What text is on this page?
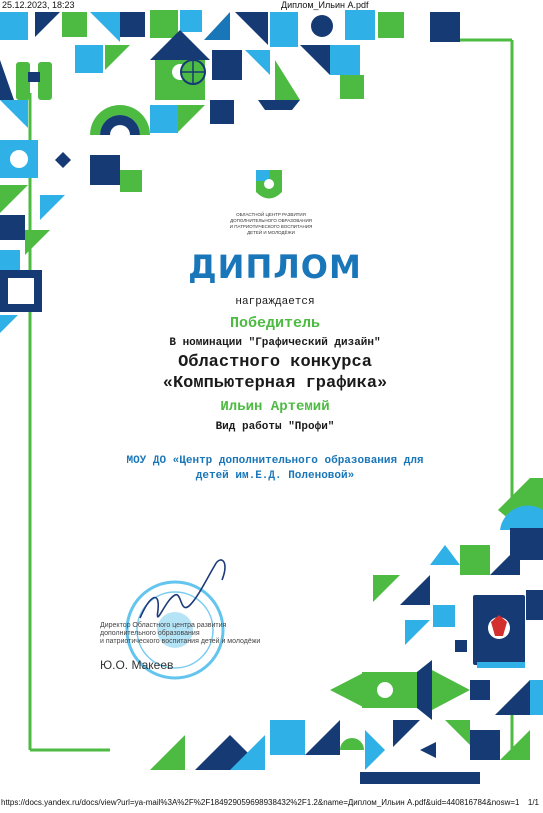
25.12.2023, 18:23	Диплом_Ильин А.pdf
ОБЛАСТНОЙ ЦЕНТР РАЗВИТИЯ
ДОПОЛНИТЕЛЬНОГО ОБРАЗОВАНИЯ
И ПАТРИОТИЧЕСКОГО ВОСПИТАНИЯ
ДЕТЕЙ И МОЛОДЁЖИ
ДИПЛОМ
награждается
Победитель
В номинации "Графический дизайн"
Областного конкурса
«Компьютерная графика»
Ильин Артемий
Вид работы "Профи"
МОУ ДО «Центр дополнительного образования для
детей им.Е.Д. Поленовой»
Директор Областного центра развития
дополнительного образования
и патриотического воспитания детей и молодёжи
Ю.О. Макеев
https://docs.yandex.ru/docs/view?url=ya-mail%3A%2F%2F184929059698938432%2F1.2&name=Диплом_Ильин А.pdf&uid=440816784&nosw=1 1/1
